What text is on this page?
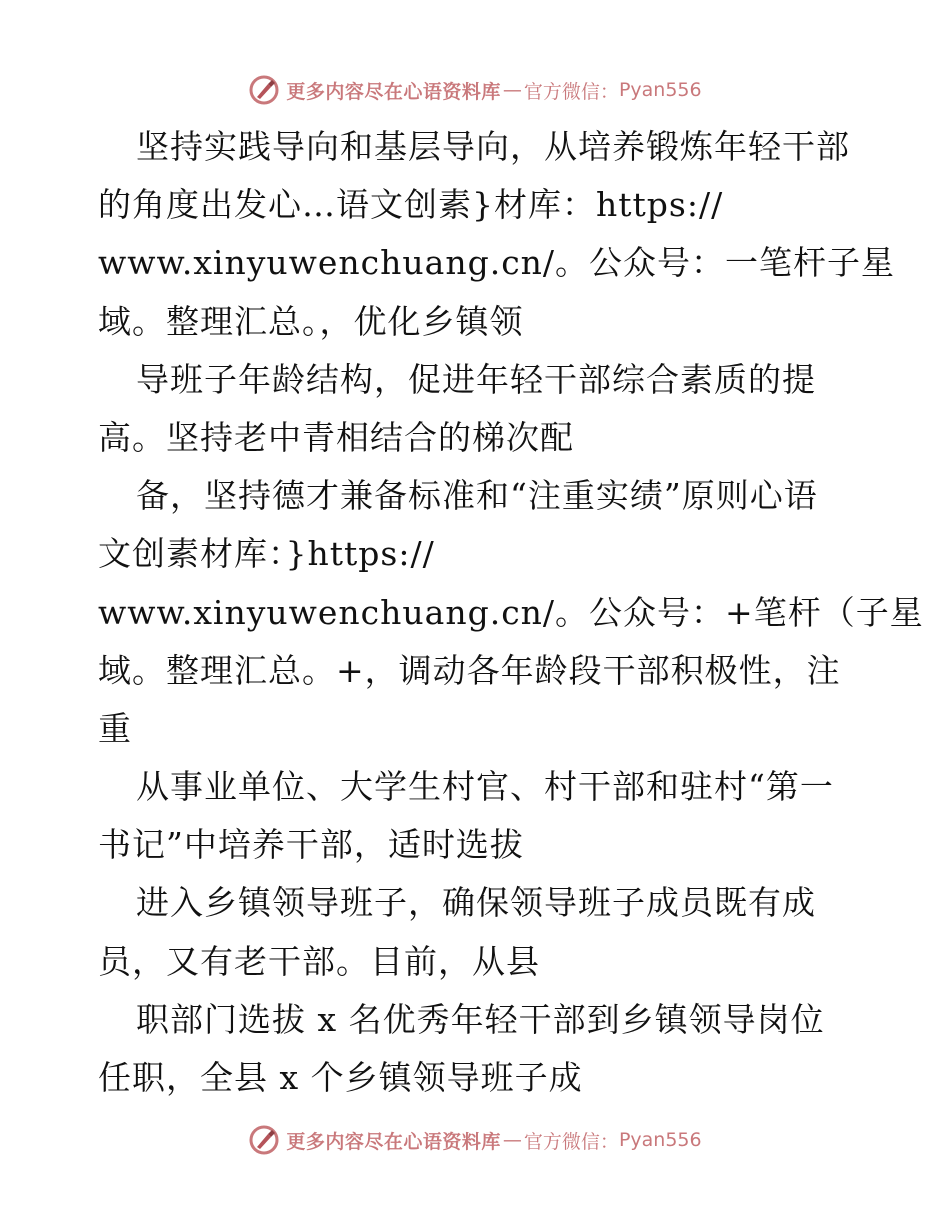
更多内容尽在心语资料库 — 官方微信： Pyan556
坚持实践导向和基层导向，从培养锻炼年轻干部
的角度出发心…语文创素}材库：https://
www.xinyuwenchuang.cn/。公众号：一笔杆子星
域。整理汇总。，优化乡镇领
导班子年龄结构，促进年轻干部综合素质的提
高。坚持老中青相结合的梯次配
备，坚持德才兼备标准和“注重实绩”原则心语
文创素材库：}https://
www.xinyuwenchuang.cn/。公众号：+笔杆（子星
域。整理汇总。+，调动各年龄段干部积极性，注
重
从事业单位、大学生村官、村干部和驻村“第一
书记”中培养干部，适时选拔
进入乡镇领导班子，确保领导班子成员既有成
员，又有老干部。目前，从县
职部门选拔 x 名优秀年轻干部到乡镇领导岗位
任职，全县 x 个乡镇领导班子成
更多内容尽在心语资料库 — 官方微信： Pyan556
